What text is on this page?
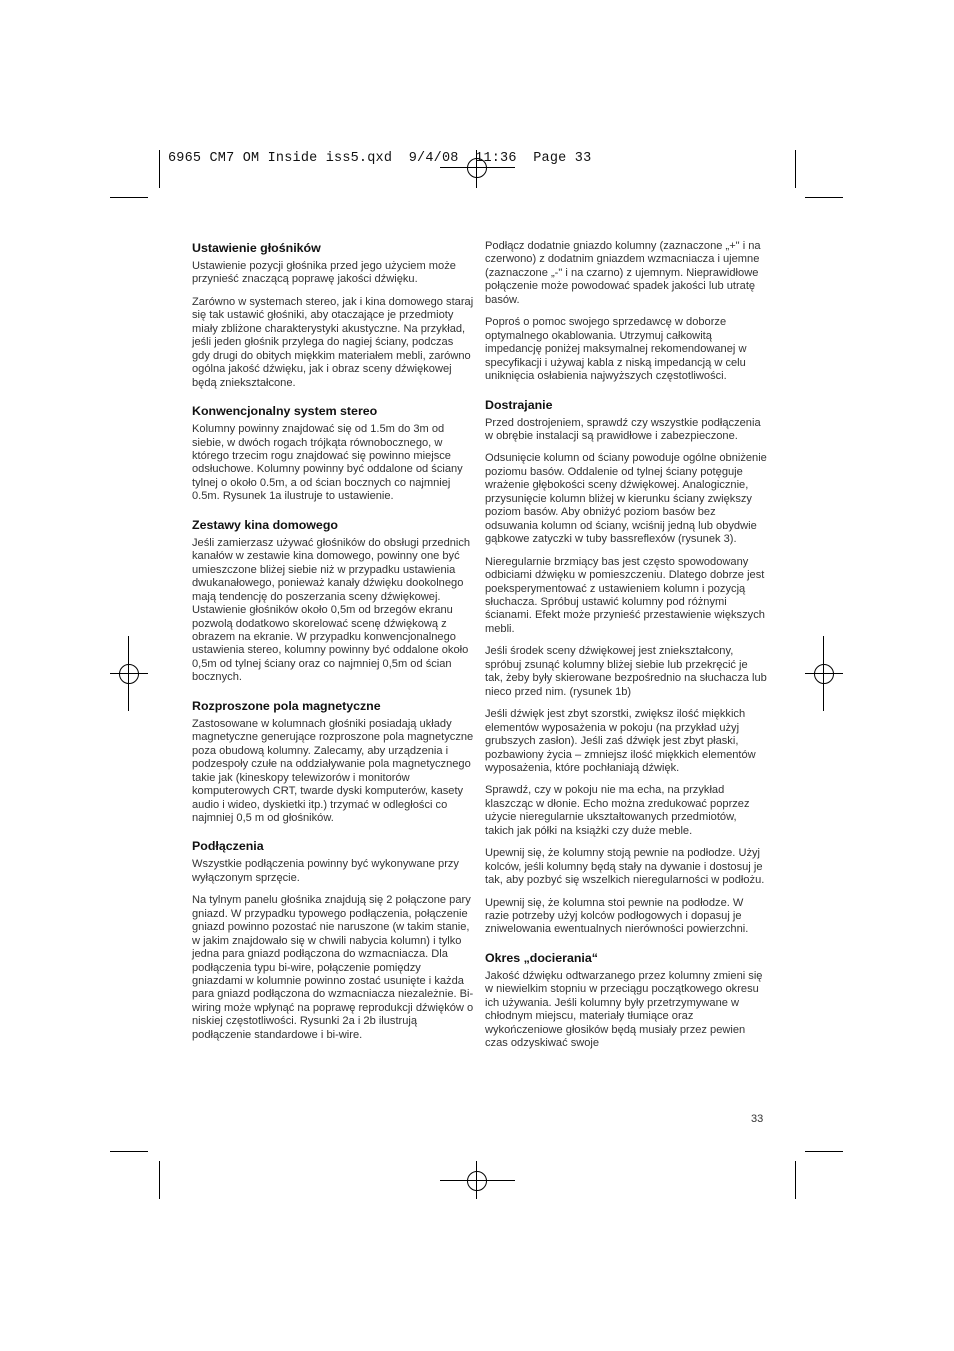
6965 CM7 OM Inside iss5.qxd  9/4/08  11:36  Page 33
Ustawienie głośników

Ustawienie pozycji głośnika przed jego użyciem może przynieść znaczącą poprawę jakości dźwięku.

Zarówno w systemach stereo, jak i kina domowego staraj się tak ustawić głośniki, aby otaczające je przedmioty miały zbliżone charakterystyki akustyczne. Na przykład, jeśli jeden głośnik przylega do nagiej ściany, podczas gdy drugi do obitych miękkim materiałem mebli, zarówno ogólna jakość dźwięku, jak i obraz sceny dźwiękowej będą zniekształcone.

Konwencjonalny system stereo

Kolumny powinny znajdować się od 1.5m do 3m od siebie, w dwóch rogach trójkąta równobocznego, w którego trzecim rogu znajdować się powinno miejsce odsłuchowe. Kolumny powinny być oddalone od ściany tylnej o około 0.5m, a od ścian bocznych co najmniej 0.5m. Rysunek 1a ilustruje to ustawienie.

Zestawy kina domowego

Jeśli zamierzasz używać głośników do obsługi przednich kanałów w zestawie kina domowego, powinny one być umieszczone bliżej siebie niż w przypadku ustawienia dwukanałowego, ponieważ kanały dźwięku dookolnego mają tendencję do poszerzania sceny dźwiękowej. Ustawienie głośników około 0,5m od brzegów ekranu pozwolą dodatkowo skorelować scenę dźwiękową z obrazem na ekranie. W przypadku konwencjonalnego ustawienia stereo, kolumny powinny być oddalone około 0,5m od tylnej ściany oraz co najmniej 0,5m od ścian bocznych.

Rozproszone pola magnetyczne

Zastosowane w kolumnach głośniki posiadają układy magnetyczne generujące rozproszone pola magnetyczne poza obudową kolumny. Zalecamy, aby urządzenia i podzespoły czułe na oddziaływanie pola magnetycznego takie jak (kineskopy telewizorów i monitorów komputerowych CRT, twarde dyski komputerów, kasety audio i wideo, dyskietki itp.) trzymać w odległości co najmniej 0,5 m od głośników.

Podłączenia

Wszystkie podłączenia powinny być wykonywane przy wyłączonym sprzęcie.

Na tylnym panelu głośnika znajdują się 2 połączone pary gniazd. W przypadku typowego podłączenia, połączenie gniazd powinno pozostać nie naruszone (w takim stanie, w jakim znajdowało się w chwili nabycia kolumn) i tylko jedna para gniazd podłączona do wzmacniacza. Dla podłączenia typu bi-wire, połączenie pomiędzy gniazdami w kolumnie powinno zostać usunięte i każda para gniazd podłączona do wzmacniacza niezależnie. Bi-wiring może wpłynąć na poprawę reprodukcji dźwięków o niskiej częstotliwości. Rysunki 2a i 2b ilustrują podłączenie standardowe i bi-wire.

Podłącz dodatnie gniazdo kolumny (zaznaczone „+" i na czerwono) z dodatnim gniazdem wzmacniacza i ujemne (zaznaczone „-" i na czarno) z ujemnym. Nieprawidłowe połączenie może powodować spadek jakości lub utratę basów.

Poproś o pomoc swojego sprzedawcę w doborze optymalnego okablowania. Utrzymuj całkowitą impedancję poniżej maksymalnej rekomendowanej w specyfikacji i używaj kabla z niską impedancją w celu uniknięcia osłabienia najwyższych częstotliwości.

Dostrajanie

Przed dostrojeniem, sprawdź czy wszystkie podłączenia w obrębie instalacji są prawidłowe i zabezpieczone.

Odsunięcie kolumn od ściany powoduje ogólne obniżenie poziomu basów. Oddalenie od tylnej ściany potęguje wrażenie głębokości sceny dźwiękowej. Analogicznie, przysunięcie kolumn bliżej w kierunku ściany zwiększy poziom basów. Aby obniżyć poziom basów bez odsuwania kolumn od ściany, wciśnij jedną lub obydwie gąbkowe zatyczki w tuby bassreflexów (rysunek 3).

Nieregularnie brzmiący bas jest często spowodowany odbiciami dźwięku w pomieszczeniu. Dlatego dobrze jest poeksperymentować z ustawieniem kolumn i pozycją słuchacza. Spróbuj ustawić kolumny pod różnymi ścianami. Efekt może przynieść przestawienie większych mebli.

Jeśli środek sceny dźwiękowej jest zniekształcony, spróbuj zsunąć kolumny bliżej siebie lub przekręcić je tak, żeby były skierowane bezpośrednio na słuchacza lub nieco przed nim. (rysunek 1b)

Jeśli dźwięk jest zbyt szorstki, zwiększ ilość miękkich elementów wyposażenia w pokoju (na przykład użyj grubszych zasłon). Jeśli zaś dźwięk jest zbyt płaski, pozbawiony życia – zmniejsz ilość miękkich elementów wyposażenia, które pochłaniają dźwięk.

Sprawdź, czy w pokoju nie ma echa, na przykład klaszcząc w dłonie. Echo można zredukować poprzez użycie nieregularnie ukształtowanych przedmiotów, takich jak półki na książki czy duże meble.

Upewnij się, że kolumny stoją pewnie na podłodze. Użyj kolców, jeśli kolumny będą stały na dywanie i dostosuj je tak, aby pozbyć się wszelkich nieregularności w podłożu.

Upewnij się, że kolumna stoi pewnie na podłodze. W razie potrzeby użyj kolców podłogowych i dopasuj je zniwelowania ewentualnych nierówności powierzchni.

Okres „docierania“

Jakość dźwięku odtwarzanego przez kolumny zmieni się w niewielkim stopniu w przeciągu początkowego okresu ich używania. Jeśli kolumny były przetrzymywane w chłodnym miejscu, materiały tłumiące oraz wykończeniowe głosików będą musiały przez pewien czas odzyskiwać swoje

33
